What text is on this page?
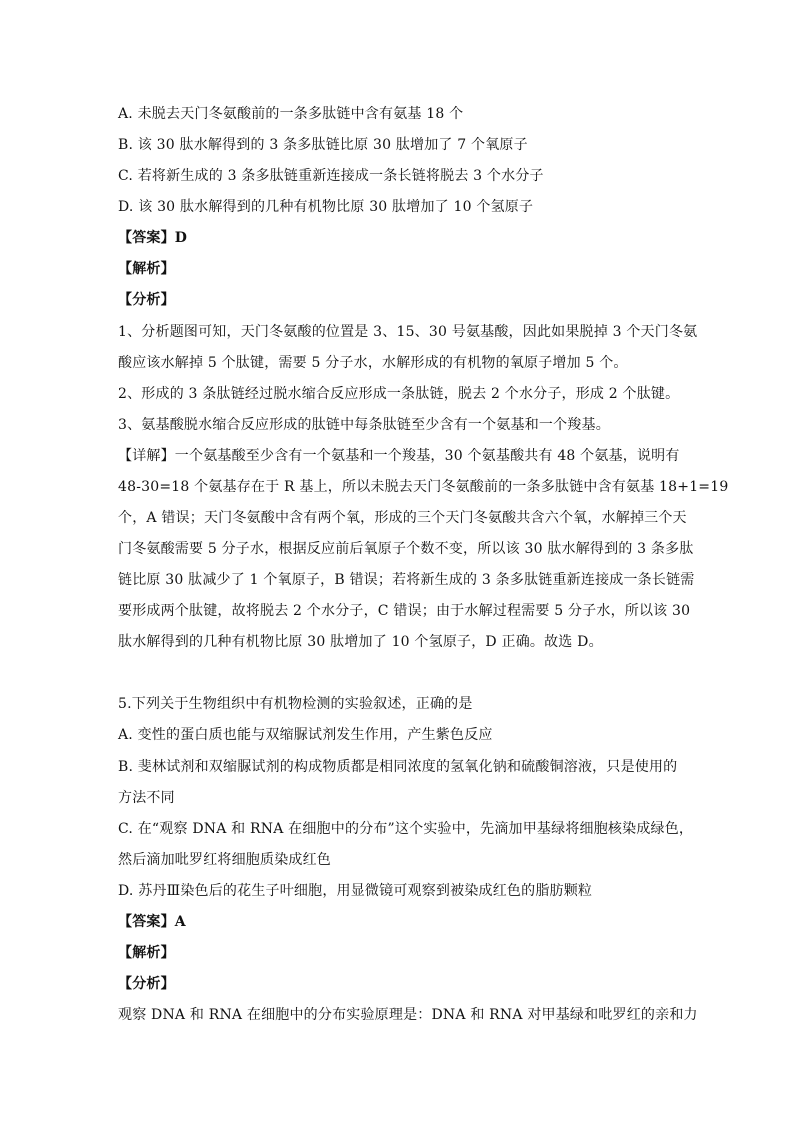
A. 未脱去天门冬氨酸前的一条多肽链中含有氨基 18 个
B. 该 30 肽水解得到的 3 条多肽链比原 30 肽增加了 7 个氧原子
C. 若将新生成的 3 条多肽链重新连接成一条长链将脱去 3 个水分子
D. 该 30 肽水解得到的几种有机物比原 30 肽增加了 10 个氢原子
【答案】D
【解析】
【分析】
1、分析题图可知，天门冬氨酸的位置是 3、15、30 号氨基酸，因此如果脱掉 3 个天门冬氨
酸应该水解掉 5 个肽键，需要 5 分子水，水解形成的有机物的氧原子增加 5 个。
2、形成的 3 条肽链经过脱水缩合反应形成一条肽链，脱去 2 个水分子，形成 2 个肽键。
3、氨基酸脱水缩合反应形成的肽链中每条肽链至少含有一个氨基和一个羧基。
【详解】一个氨基酸至少含有一个氨基和一个羧基，30 个氨基酸共有 48 个氨基，说明有
48-30=18 个氨基存在于 R 基上，所以未脱去天门冬氨酸前的一条多肽链中含有氨基 18+1=19
个，A 错误；天门冬氨酸中含有两个氧，形成的三个天门冬氨酸共含六个氧，水解掉三个天
门冬氨酸需要 5 分子水，根据反应前后氧原子个数不变，所以该 30 肽水解得到的 3 条多肽
链比原 30 肽减少了 1 个氧原子，B 错误；若将新生成的 3 条多肽链重新连接成一条长链需
要形成两个肽键，故将脱去 2 个水分子，C 错误；由于水解过程需要 5 分子水，所以该 30
肽水解得到的几种有机物比原 30 肽增加了 10 个氢原子，D 正确。故选 D。
5.下列关于生物组织中有机物检测的实验叙述，正确的是
A. 变性的蛋白质也能与双缩脲试剂发生作用，产生紫色反应
B. 斐林试剂和双缩脲试剂的构成物质都是相同浓度的氢氧化钠和硫酸铜溶液，只是使用的
方法不同
C. 在“观察 DNA 和 RNA 在细胞中的分布”这个实验中，先滴加甲基绿将细胞核染成绿色，
然后滴加吡罗红将细胞质染成红色
D. 苏丹Ⅲ染色后的花生子叶细胞，用显微镜可观察到被染成红色的脂肪颗粒
【答案】A
【解析】
【分析】
观察 DNA 和 RNA 在细胞中的分布实验原理是：DNA 和 RNA 对甲基绿和吡罗红的亲和力
